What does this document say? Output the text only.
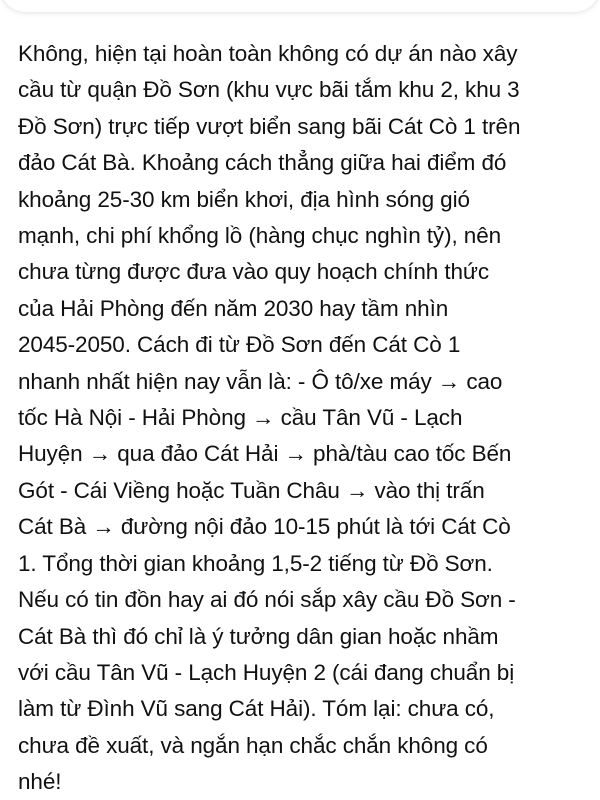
Không, hiện tại hoàn toàn không có dự án nào xây
cầu từ quận Đồ Sơn (khu vực bãi tắm khu 2, khu 3
Đồ Sơn) trực tiếp vượt biển sang bãi Cát Cò 1 trên
đảo Cát Bà. Khoảng cách thẳng giữa hai điểm đó
khoảng 25-30 km biển khơi, địa hình sóng gió
mạnh, chi phí khổng lồ (hàng chục nghìn tỷ), nên
chưa từng được đưa vào quy hoạch chính thức
của Hải Phòng đến năm 2030 hay tầm nhìn
2045-2050. Cách đi từ Đồ Sơn đến Cát Cò 1
nhanh nhất hiện nay vẫn là: - Ô tô/xe máy → cao
tốc Hà Nội - Hải Phòng → cầu Tân Vũ - Lạch
Huyện → qua đảo Cát Hải → phà/tàu cao tốc Bến
Gót - Cái Viềng hoặc Tuần Châu → vào thị trấn
Cát Bà → đường nội đảo 10-15 phút là tới Cát Cò
1. Tổng thời gian khoảng 1,5-2 tiếng từ Đồ Sơn.
Nếu có tin đồn hay ai đó nói sắp xây cầu Đồ Sơn -
Cát Bà thì đó chỉ là ý tưởng dân gian hoặc nhầm
với cầu Tân Vũ - Lạch Huyện 2 (cái đang chuẩn bị
làm từ Đình Vũ sang Cát Hải). Tóm lại: chưa có,
chưa đề xuất, và ngắn hạn chắc chắn không có
nhé!
